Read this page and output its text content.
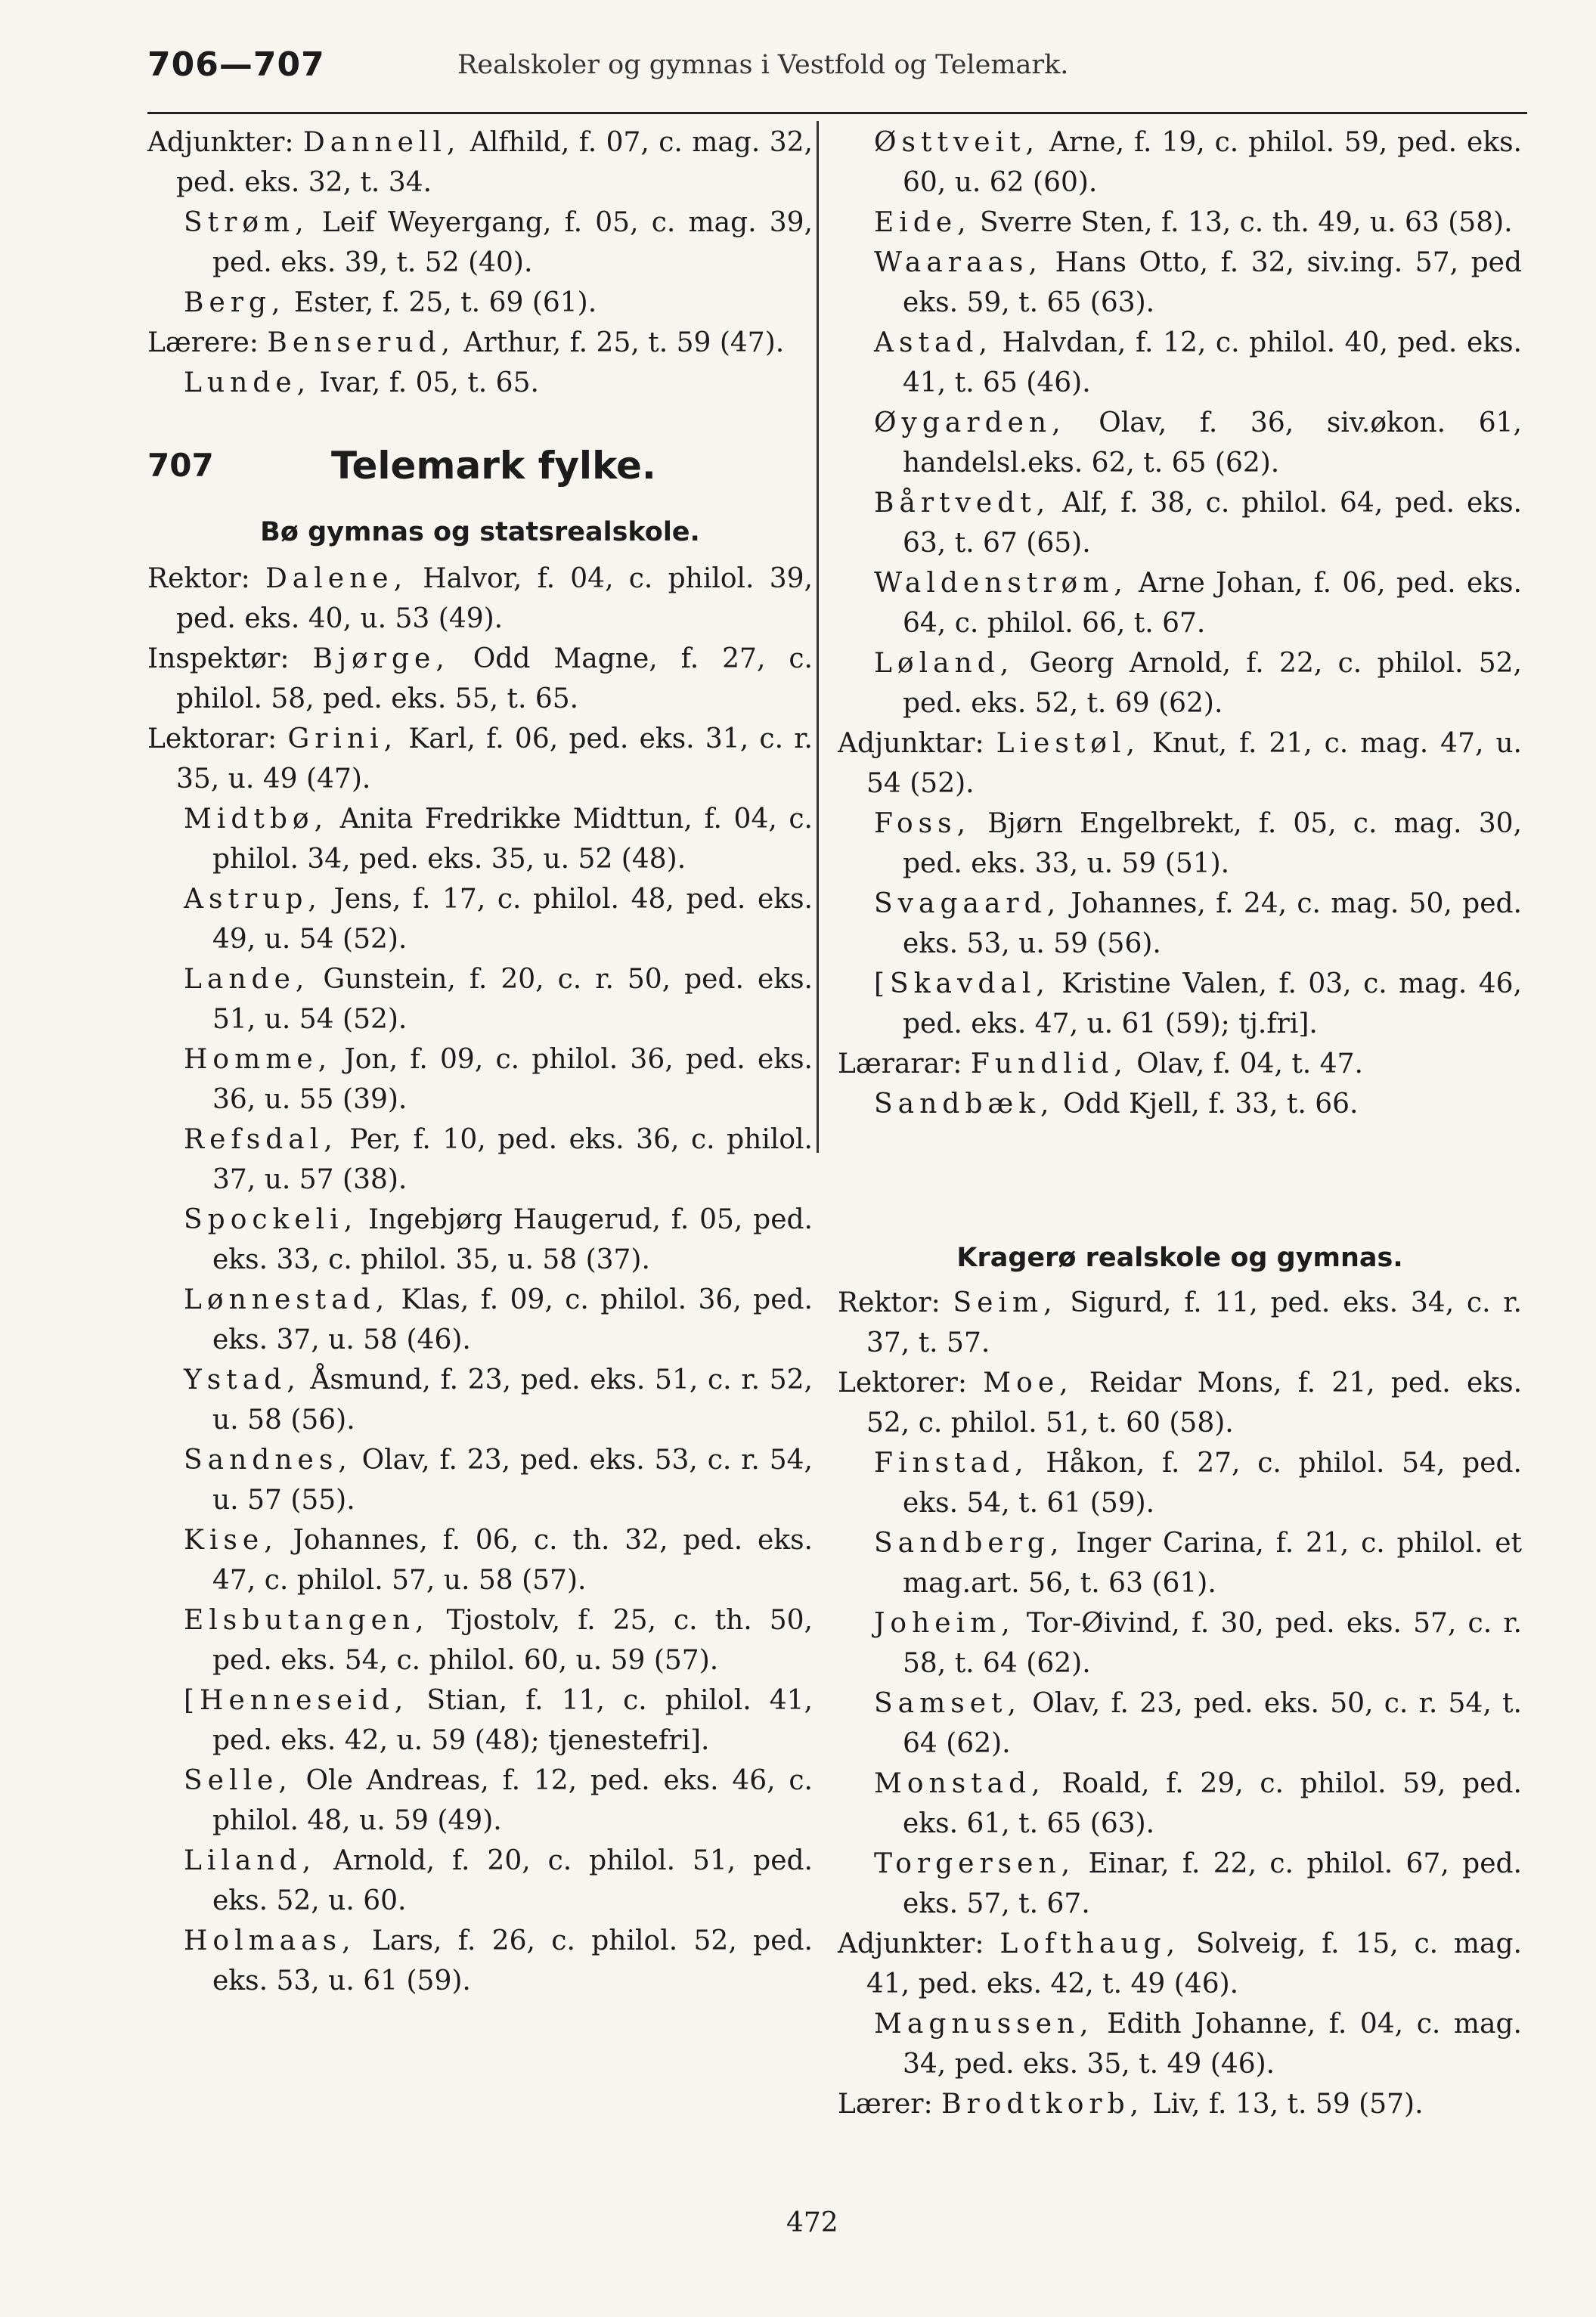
706—707	Realskoler og gymnas i Vestfold og Telemark.

Adjunkter: Dannell, Alfhild, f. 07, c. mag. 32, ped. eks. 32, t. 34.

Strøm, Leif Weyergang, f. 05, c. mag. 39, ped. eks. 39, t. 52 (40).

Berg, Ester, f. 25, t. 69 (61).

Lærere: Benserud, Arthur, f. 25, t. 59 (47).

Lunde, Ivar, f. 05, t. 65.

707	Telemark fylke.
Bø gymnas og statsrealskole.

Rektor: Dalene, Halvor, f. 04, c. philol. 39, ped. eks. 40, u. 53 (49).

Inspektør: Bjørge, Odd Magne, f. 27, c. philol. 58, ped. eks. 55, t. 65.

Lektorar: Grini, Karl, f. 06, ped. eks. 31, c. r. 35, u. 49 (47).

Midtbø, Anita Fredrikke Midttun, f. 04, c. philol. 34, ped. eks. 35, u. 52 (48).

Astrup, Jens, f. 17, c. philol. 48, ped. eks. 49, u. 54 (52).

Lande, Gunstein, f. 20, c. r. 50, ped. eks. 51, u. 54 (52).

Homme, Jon, f. 09, c. philol. 36, ped. eks. 36, u. 55 (39).

Refsdal, Per, f. 10, ped. eks. 36, c. philol. 37, u. 57 (38).

Spockeli, Ingebjørg Haugerud, f. 05, ped. eks. 33, c. philol. 35, u. 58 (37).

Lønnestad, Klas, f. 09, c. philol. 36, ped. eks. 37, u. 58 (46).

Ystad, Åsmund, f. 23, ped. eks. 51, c. r. 52, u. 58 (56).

Sandnes, Olav, f. 23, ped. eks. 53, c. r. 54, u. 57 (55).

Kise, Johannes, f. 06, c. th. 32, ped. eks. 47, c. philol. 57, u. 58 (57).

Elsbutangen, Tjostolv, f. 25, c. th. 50, ped. eks. 54, c. philol. 60, u. 59 (57).

[Henneseid, Stian, f. 11, c. philol. 41, ped. eks. 42, u. 59 (48); tjenestefri].

Selle, Ole Andreas, f. 12, ped. eks. 46, c. philol. 48, u. 59 (49).

Liland, Arnold, f. 20, c. philol. 51, ped. eks. 52, u. 60.

Holmaas, Lars, f. 26, c. philol. 52, ped. eks. 53, u. 61 (59).

Østtveit, Arne, f. 19, c. philol. 59, ped. eks. 60, u. 62 (60).

Eide, Sverre Sten, f. 13, c. th. 49, u. 63 (58).

Waaraas, Hans Otto, f. 32, siv.ing. 57, ped eks. 59, t. 65 (63).

Astad, Halvdan, f. 12, c. philol. 40, ped. eks. 41, t. 65 (46).

Øygarden, Olav, f. 36, siv.økon. 61, handelsl.eks. 62, t. 65 (62).

Bårtvedt, Alf, f. 38, c. philol. 64, ped. eks. 63, t. 67 (65).

Waldenstrøm, Arne Johan, f. 06, ped. eks. 64, c. philol. 66, t. 67.

Løland, Georg Arnold, f. 22, c. philol. 52, ped. eks. 52, t. 69 (62).

Adjunktar: Liestøl, Knut, f. 21, c. mag. 47, u. 54 (52).

Foss, Bjørn Engelbrekt, f. 05, c. mag. 30, ped. eks. 33, u. 59 (51).

Svagaard, Johannes, f. 24, c. mag. 50, ped. eks. 53, u. 59 (56).

[Skavdal, Kristine Valen, f. 03, c. mag. 46, ped. eks. 47, u. 61 (59); tj.fri].

Lærarar: Fundlid, Olav, f. 04, t. 47.

Sandbæk, Odd Kjell, f. 33, t. 66.

Kragerø realskole og gymnas.

Rektor: Seim, Sigurd, f. 11, ped. eks. 34, c. r. 37, t. 57.

Lektorer: Moe, Reidar Mons, f. 21, ped. eks. 52, c. philol. 51, t. 60 (58).

Finstad, Håkon, f. 27, c. philol. 54, ped. eks. 54, t. 61 (59).

Sandberg, Inger Carina, f. 21, c. philol. et mag.art. 56, t. 63 (61).

Joheim, Tor-Øivind, f. 30, ped. eks. 57, c. r. 58, t. 64 (62).

Samset, Olav, f. 23, ped. eks. 50, c. r. 54, t. 64 (62).

Monstad, Roald, f. 29, c. philol. 59, ped. eks. 61, t. 65 (63).

Torgersen, Einar, f. 22, c. philol. 67, ped. eks. 57, t. 67.

Adjunkter: Lofthaug, Solveig, f. 15, c. mag. 41, ped. eks. 42, t. 49 (46).

Magnussen, Edith Johanne, f. 04, c. mag. 34, ped. eks. 35, t. 49 (46).

Lærer: Brodtkorb, Liv, f. 13, t. 59 (57).

472
